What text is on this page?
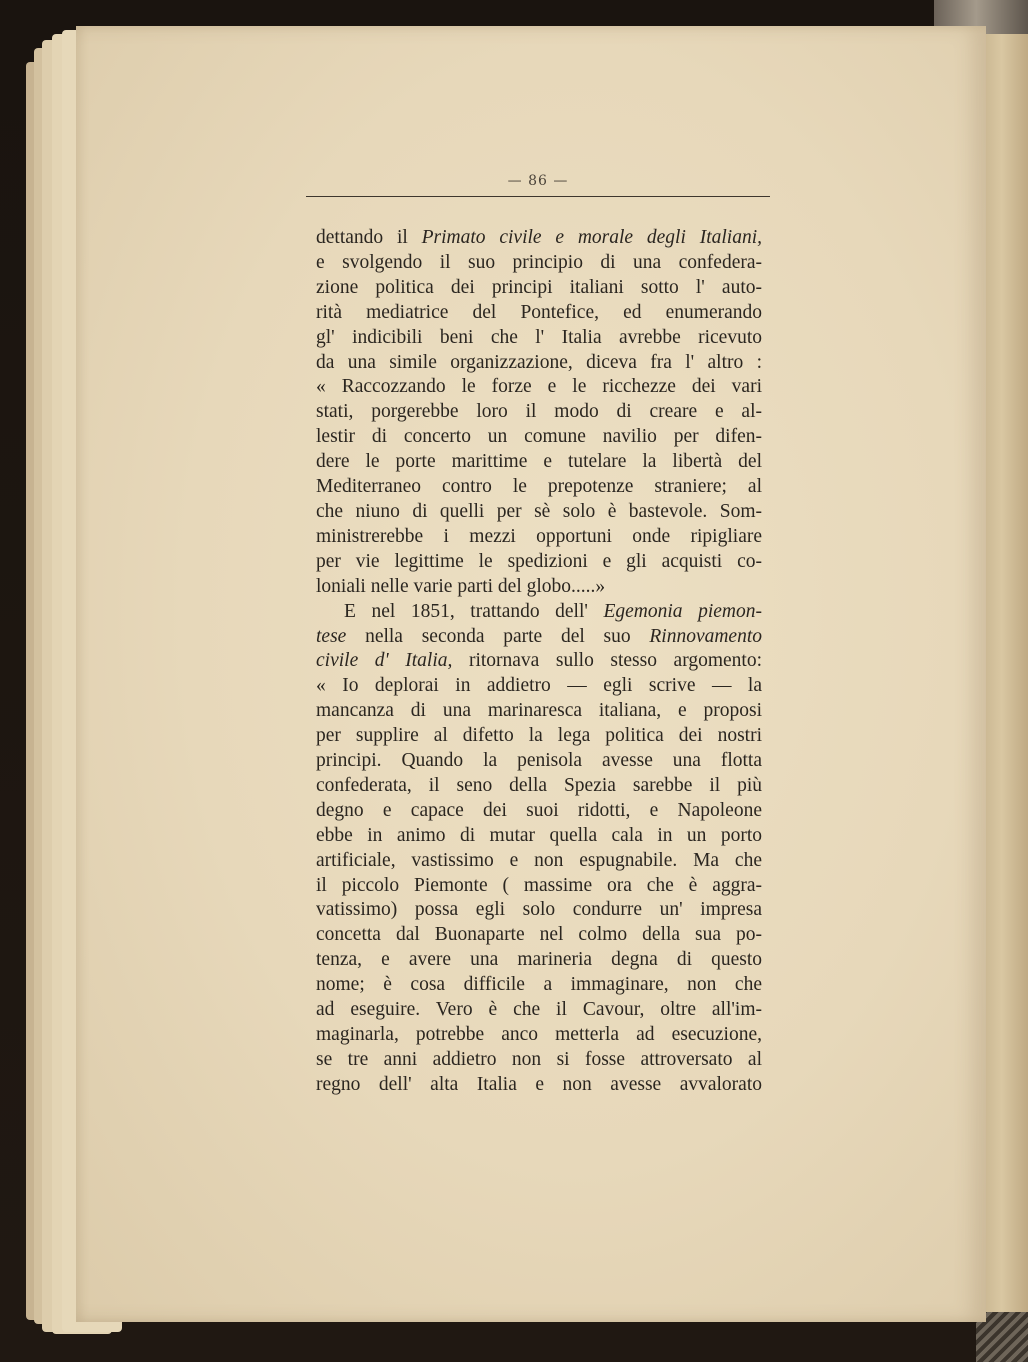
— 86 —
dettando il Primato civile e morale degli Italiani,
e svolgendo il suo principio di una confedera-
zione politica dei principi italiani sotto l' auto-
rità mediatrice del Pontefice, ed enumerando
gl' indicibili beni che l' Italia avrebbe ricevuto
da una simile organizzazione, diceva fra l' altro :
« Raccozzando le forze e le ricchezze dei vari
stati, porgerebbe loro il modo di creare e al-
lestir di concerto un comune navilio per difen-
dere le porte marittime e tutelare la libertà del
Mediterraneo contro le prepotenze straniere; al
che niuno di quelli per sè solo è bastevole. Som-
ministrerebbe i mezzi opportuni onde ripigliare
per vie legittime le spedizioni e gli acquisti co-
loniali nelle varie parti del globo.....»
E nel 1851, trattando dell' Egemonia piemon-
tese nella seconda parte del suo Rinnovamento
civile d' Italia, ritornava sullo stesso argomento:
« Io deplorai in addietro — egli scrive — la
mancanza di una marinaresca italiana, e proposi
per supplire al difetto la lega politica dei nostri
principi. Quando la penisola avesse una flotta
confederata, il seno della Spezia sarebbe il più
degno e capace dei suoi ridotti, e Napoleone
ebbe in animo di mutar quella cala in un porto
artificiale, vastissimo e non espugnabile. Ma che
il piccolo Piemonte ( massime ora che è aggra-
vatissimo) possa egli solo condurre un' impresa
concetta dal Buonaparte nel colmo della sua po-
tenza, e avere una marineria degna di questo
nome; è cosa difficile a immaginare, non che
ad eseguire. Vero è che il Cavour, oltre all'im-
maginarla, potrebbe anco metterla ad esecuzione,
se tre anni addietro non si fosse attroversato al
regno dell' alta Italia e non avesse avvalorato
